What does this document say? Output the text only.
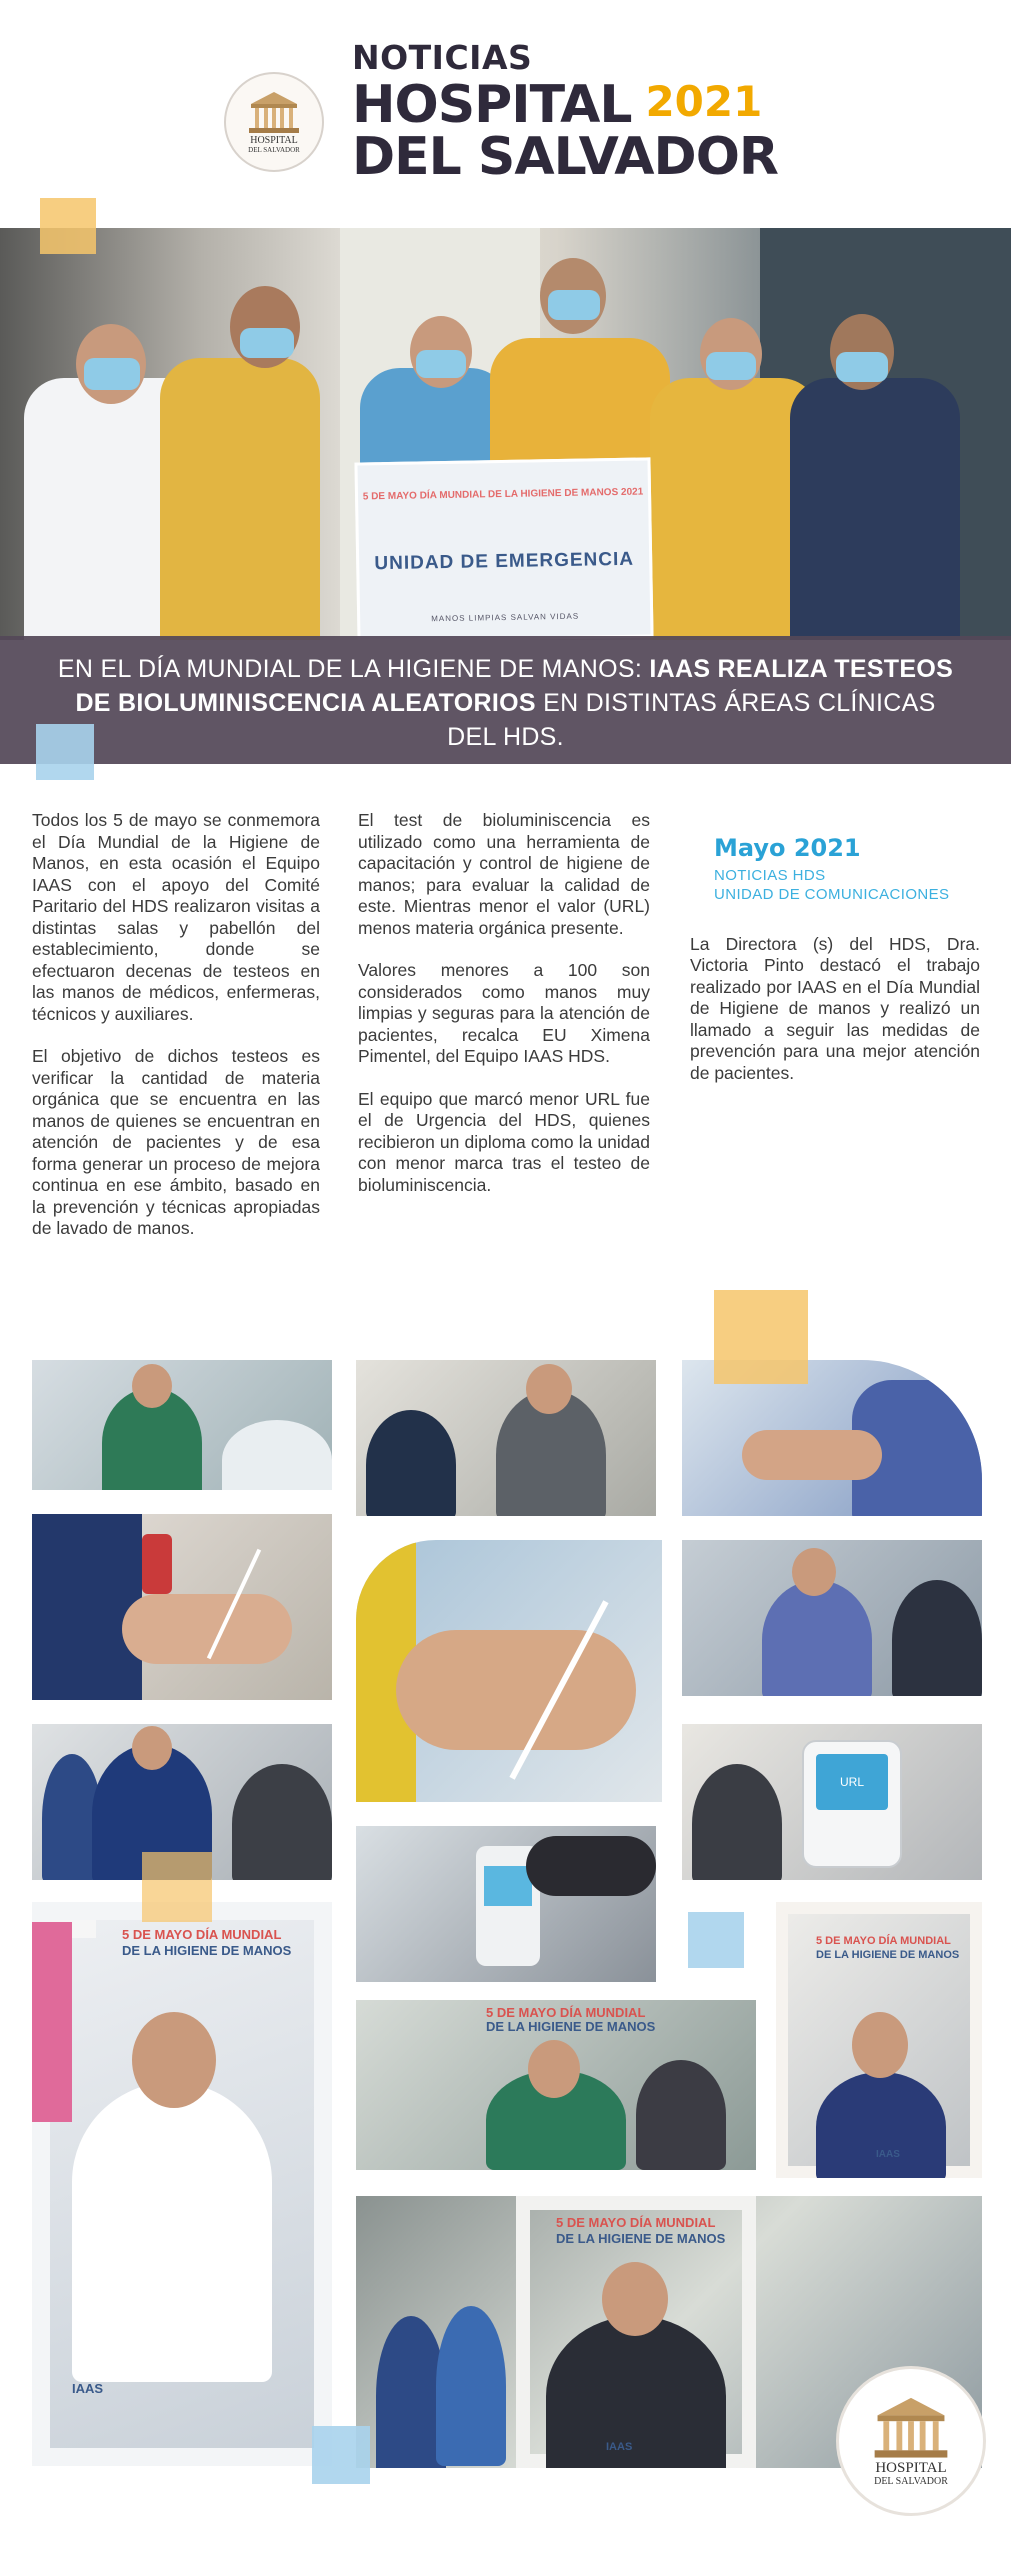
HOSPITAL
DEL SALVADOR
NOTICIAS
HOSPITAL 2021
DEL SALVADOR
5 DE MAYO DÍA MUNDIAL DE LA HIGIENE DE MANOS 2021
UNIDAD DE EMERGENCIA
MANOS LIMPIAS SALVAN VIDAS
EN EL DÍA MUNDIAL DE LA HIGIENE DE MANOS: IAAS REALIZA TESTEOS DE BIOLUMINISCENCIA ALEATORIOS EN DISTINTAS ÁREAS CLÍNICAS DEL HDS.

Todos los 5 de mayo se conmemora el Día Mundial de la Higiene de Manos, en esta ocasión el Equipo IAAS con el apoyo del Comité Paritario del HDS realizaron visitas a distintas salas y pabellón del establecimiento, donde se efectuaron decenas de testeos en las manos de médicos, enfermeras, técnicos y auxiliares.

El objetivo de dichos testeos es verificar la cantidad de materia orgánica que se encuentra en las manos de quienes se encuentran en atención de pacientes y de esa forma generar un proceso de mejora continua en ese ámbito, basado en la prevención y técnicas apropiadas de lavado de manos.

El test de bioluminiscencia es utilizado como una herramienta de capacitación y control de higiene de manos; para evaluar la calidad de este. Mientras menor el valor (URL) menos materia orgánica presente.

Valores menores a 100 son considerados como manos muy limpias y seguras para la atención de pacientes, recalca EU Ximena Pimentel, del Equipo IAAS HDS.

El equipo que marcó menor URL fue el de Urgencia del HDS, quienes recibieron un diploma como la unidad con menor marca tras el testeo de bioluminiscencia.

Mayo 2021
NOTICIAS HDS
UNIDAD DE COMUNICACIONES

La Directora (s) del HDS, Dra. Victoria Pinto destacó el trabajo realizado por IAAS en el Día Mundial de Higiene de manos y realizó un llamado a seguir las medidas de prevención para una mejor atención de pacientes.

URL
5 DE MAYO DÍA MUNDIAL
DE LA HIGIENE DE MANOS
IAAS
5 DE MAYO DÍA MUNDIAL
DE LA HIGIENE DE MANOS
5 DE MAYO DÍA MUNDIAL
DE LA HIGIENE DE MANOS
IAAS
5 DE MAYO DÍA MUNDIAL
DE LA HIGIENE DE MANOS
IAAS
HOSPITAL
DEL SALVADOR
